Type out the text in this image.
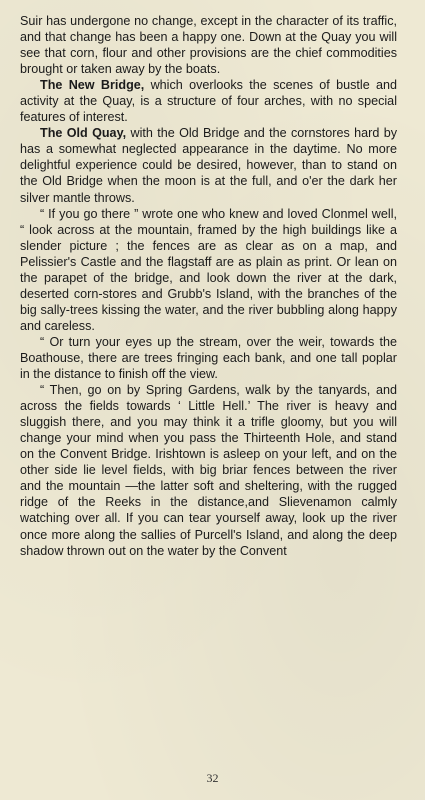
Suir has undergone no change, except in the character of its traffic, and that change has been a happy one. Down at the Quay you will see that corn, flour and other provisions are the chief commodities brought or taken away by the boats.

The New Bridge, which overlooks the scenes of bustle and activity at the Quay, is a structure of four arches, with no special features of interest.

The Old Quay, with the Old Bridge and the cornstores hard by has a somewhat neglected appearance in the daytime. No more delightful experience could be desired, however, than to stand on the Old Bridge when the moon is at the full, and o'er the dark her silver mantle throws.

“ If you go there ” wrote one who knew and loved Clonmel well, “ look across at the mountain, framed by the high buildings like a slender picture ; the fences are as clear as on a map, and Pelissier's Castle and the flagstaff are as plain as print. Or lean on the parapet of the bridge, and look down the river at the dark, deserted corn-stores and Grubb's Island, with the branches of the big sally-trees kissing the water, and the river bubbling along happy and careless.

“ Or turn your eyes up the stream, over the weir, towards the Boathouse, there are trees fringing each bank, and one tall poplar in the distance to finish off the view.

“ Then, go on by Spring Gardens, walk by the tanyards, and across the fields towards ‘ Little Hell.’ The river is heavy and sluggish there, and you may think it a trifle gloomy, but you will change your mind when you pass the Thirteenth Hole, and stand on the Convent Bridge. Irishtown is asleep on your left, and on the other side lie level fields, with big briar fences between the river and the mountain —the latter soft and sheltering, with the rugged ridge of the Reeks in the distance,and Slievenamon calmly watching over all. If you can tear yourself away, look up the river once more along the sallies of Purcell's Island, and along the deep shadow thrown out on the water by the Convent

32
